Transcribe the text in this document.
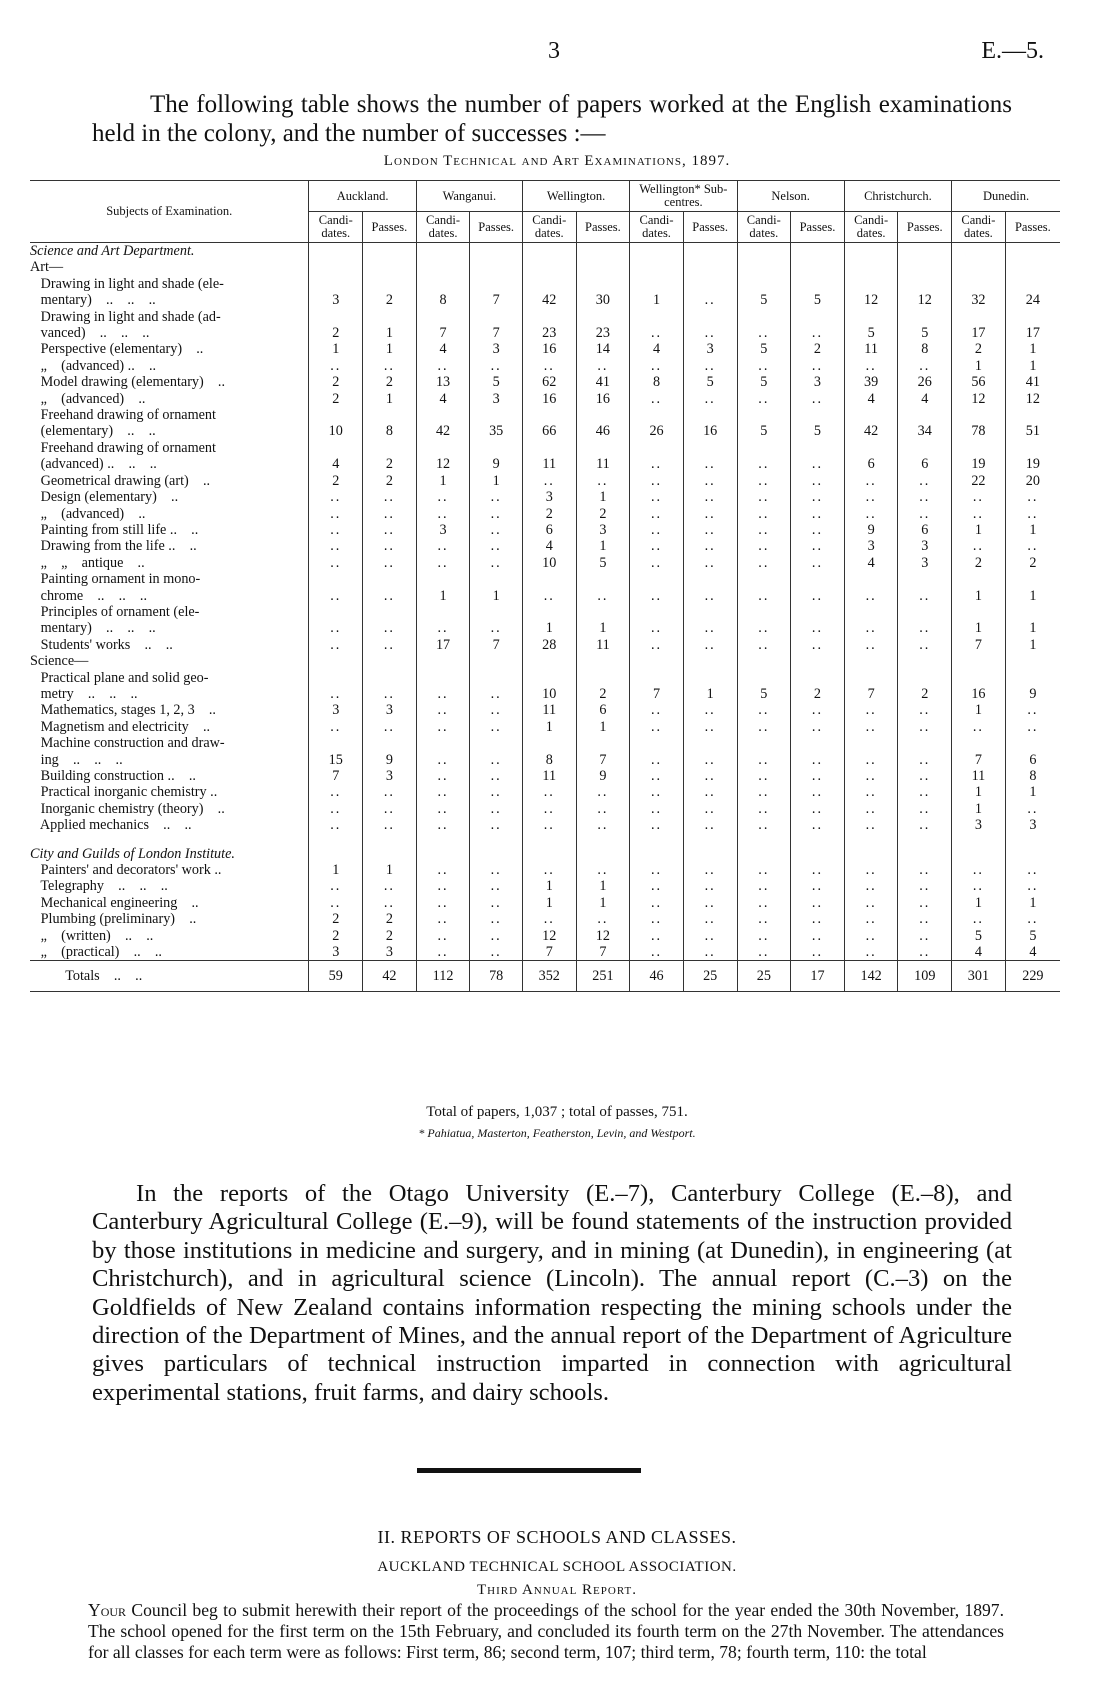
3	E.—5.
The following table shows the number of papers worked at the English examinations held in the colony, and the number of successes :—
London Technical and Art Examinations, 1897.
Subjects of Examination.	Auckland.		Wanganui.		Wellington.		Wellington* Sub-centres.		Nelson.		Christchurch.		Dunedin.	
	Candi-dates.	Passes.	Candi-dates.	Passes.	Candi-dates.	Passes.	Candi-dates.	Passes.	Candi-dates.	Passes.	Candi-dates.	Passes.	Candi-dates.	Passes.
Science and Art Department.														
Art—														
Drawing in light and shade (ele-														
mentary)    ..    ..    ..	3	2	8	7	42	30	1	..	5	5	12	12	32	24
Drawing in light and shade (ad-														
vanced)    ..    ..    ..	2	1	7	7	23	23	..	..	..	..	5	5	17	17
Perspective (elementary)    ..	1	1	4	3	16	14	4	3	5	2	11	8	2	1
„    (advanced) ..    ..	..	..	..	..	..	..	..	..	..	..	..	..	1	1
Model drawing (elementary)    ..	2	2	13	5	62	41	8	5	5	3	39	26	56	41
„    (advanced)    ..	2	1	4	3	16	16	..	..	..	..	4	4	12	12
Freehand drawing of ornament														
(elementary)    ..    ..	10	8	42	35	66	46	26	16	5	5	42	34	78	51
Freehand drawing of ornament														
(advanced) ..    ..    ..	4	2	12	9	11	11	..	..	..	..	6	6	19	19
Geometrical drawing (art)    ..	2	2	1	1	..	..	..	..	..	..	..	..	22	20
Design (elementary)    ..	..	..	..	..	3	1	..	..	..	..	..	..	..	..
„    (advanced)    ..	..	..	..	..	2	2	..	..	..	..	..	..	..	..
Painting from still life ..    ..	..	..	3	..	6	3	..	..	..	..	9	6	1	1
Drawing from the life ..    ..	..	..	..	..	4	1	..	..	..	..	3	3	..	..
„    „    antique    ..	..	..	..	..	10	5	..	..	..	..	4	3	2	2
Painting ornament in mono-														
chrome    ..    ..    ..	..	..	1	1	..	..	..	..	..	..	..	..	1	1
Principles of ornament (ele-														
mentary)    ..    ..    ..	..	..	..	..	1	1	..	..	..	..	..	..	1	1
Students' works    ..    ..	..	..	17	7	28	11	..	..	..	..	..	..	7	1
Science—														
Practical plane and solid geo-														
metry    ..    ..    ..	..	..	..	..	10	2	7	1	5	2	7	2	16	9
Mathematics, stages 1, 2, 3    ..	3	3	..	..	11	6	..	..	..	..	..	..	1	..
Magnetism and electricity    ..	..	..	..	..	1	1	..	..	..	..	..	..	..	..
Machine construction and draw-														
ing    ..    ..    ..	15	9	..	..	8	7	..	..	..	..	..	..	7	6
Building construction ..    ..	7	3	..	..	11	9	..	..	..	..	..	..	11	8
Practical inorganic chemistry ..	..	..	..	..	..	..	..	..	..	..	..	..	1	1
Inorganic chemistry (theory)    ..	..	..	..	..	..	..	..	..	..	..	..	..	1	..
Applied mechanics    ..    ..	..	..	..	..	..	..	..	..	..	..	..	..	3	3

City and Guilds of London Institute.														
Painters' and decorators' work ..	1	1	..	..	..	..	..	..	..	..	..	..	..	..
Telegraphy    ..    ..    ..	..	..	..	..	1	1	..	..	..	..	..	..	..	..
Mechanical engineering    ..	..	..	..	..	1	1	..	..	..	..	..	..	1	1
Plumbing (preliminary)    ..	2	2	..	..	..	..	..	..	..	..	..	..	..	..
„    (written)    ..    ..	2	2	..	..	12	12	..	..	..	..	..	..	5	5
„    (practical)    ..    ..	3	3	..	..	7	7	..	..	..	..	..	..	4	4
Totals    ..    ..	59	42	112	78	352	251	46	25	25	17	142	109	301	229
Total of papers, 1,037 ; total of passes, 751.
* Pahiatua, Masterton, Featherston, Levin, and Westport.
In the reports of the Otago University (E.–7), Canterbury College (E.–8), and Canterbury Agricultural College (E.–9), will be found statements of the instruction provided by those institutions in medicine and surgery, and in mining (at Dunedin), in engineering (at Christchurch), and in agricultural science (Lincoln). The annual report (C.–3) on the Goldfields of New Zealand contains information respecting the mining schools under the direction of the Department of Mines, and the annual report of the Department of Agriculture gives particulars of technical instruction imparted in connection with agricultural experimental stations, fruit farms, and dairy schools.
II. REPORTS OF SCHOOLS AND CLASSES.
AUCKLAND TECHNICAL SCHOOL ASSOCIATION.
Third Annual Report.
Your Council beg to submit herewith their report of the proceedings of the school for the year ended the 30th November, 1897. The school opened for the first term on the 15th February, and concluded its fourth term on the 27th November. The attendances for all classes for each term were as follows: First term, 86; second term, 107; third term, 78; fourth term, 110: the total
